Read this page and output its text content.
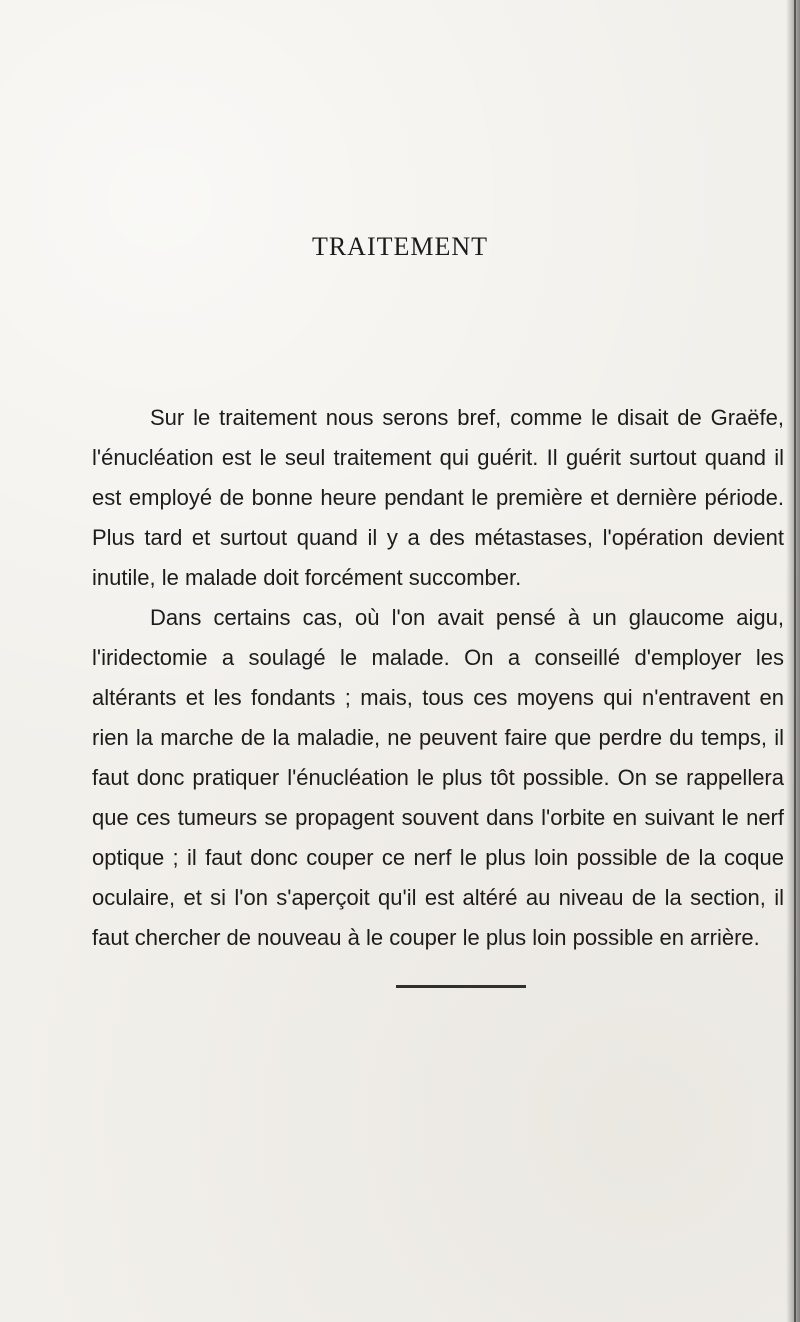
TRAITEMENT

Sur le traitement nous serons bref, comme le disait de Graëfe, l'énucléation est le seul traitement qui guérit. Il guérit surtout quand il est employé de bonne heure pendant le première et dernière période. Plus tard et surtout quand il y a des métastases, l'opération devient inutile, le malade doit forcément succomber.

Dans certains cas, où l'on avait pensé à un glaucome aigu, l'iridectomie a soulagé le malade. On a conseillé d'employer les altérants et les fondants ; mais, tous ces moyens qui n'entravent en rien la marche de la maladie, ne peuvent faire que perdre du temps, il faut donc pratiquer l'énucléation le plus tôt possible. On se rappellera que ces tumeurs se propagent souvent dans l'orbite en suivant le nerf optique ; il faut donc couper ce nerf le plus loin possible de la coque oculaire, et si l'on s'aperçoit qu'il est altéré au niveau de la section, il faut chercher de nouveau à le couper le plus loin possible en arrière.
